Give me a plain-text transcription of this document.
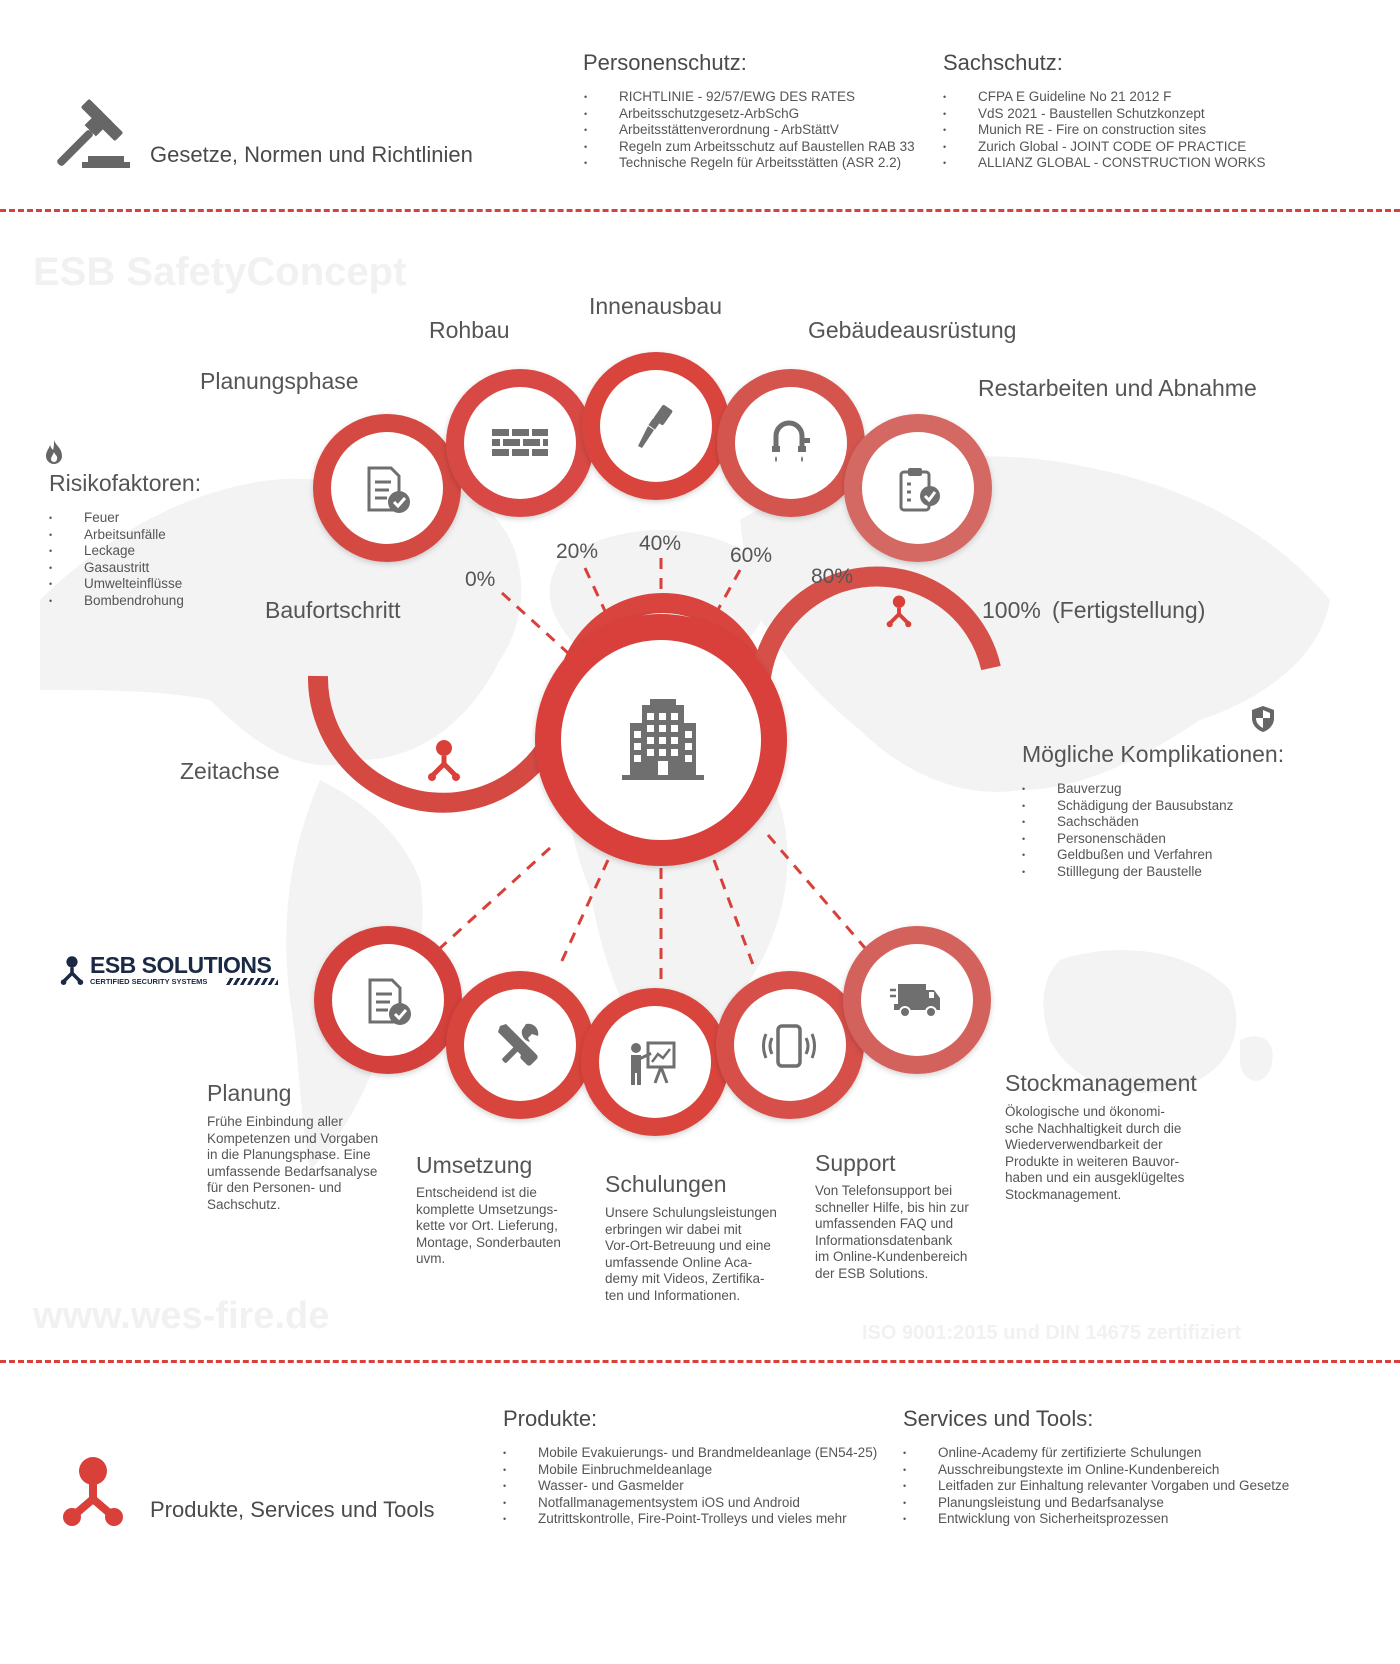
Gesetze, Normen und Richtlinien
Personenschutz:
• RICHTLINIE - 92/57/EWG DES RATES
• Arbeitsschutzgesetz-ArbSchG
• Arbeitsstättenverordnung - ArbStättV
• Regeln zum Arbeitsschutz auf Baustellen RAB 33
• Technische Regeln für Arbeitsstätten (ASR 2.2)
Sachschutz:
• CFPA E Guideline No 21 2012 F
• VdS 2021 - Baustellen Schutzkonzept
• Munich RE - Fire on construction sites
• Zurich Global - JOINT CODE OF PRACTICE
• ALLIANZ GLOBAL - CONSTRUCTION WORKS
ESB SafetyConcept
www.wes-fire.de	ISO 9001:2015 und DIN 14675 zertifiziert
Planungsphase
Rohbau
Innenausbau
Gebäudeausrüstung
Restarbeiten und Abnahme
0%
20% 40%
60%
80%
Baufortschritt	100% (Fertigstellung)
Zeitachse
Risikofaktoren:
• Feuer
• Arbeitsunfälle
• Leckage
• Gasaustritt
• Umwelteinflüsse
• Bombendrohung
Mögliche Komplikationen:
• Bauverzug
• Schädigung der Bausubstanz
• Sachschäden
• Personenschäden
• Geldbußen und Verfahren
• Stilllegung der Baustelle
ESB SOLUTIONS
CERTIFIED SECURITY SYSTEMS
Planung
Frühe Einbindung aller
Kompetenzen und Vorgaben
in die Planungsphase. Eine
umfassende Bedarfsanalyse
für den Personen- und
Sachschutz.
Umsetzung
Entscheidend ist die
komplette Umsetzungs-
kette vor Ort. Lieferung,
Montage, Sonderbauten
uvm.
Schulungen
Unsere Schulungsleistungen
erbringen wir dabei mit
Vor-Ort-Betreuung und eine
umfassende Online Aca-
demy mit Videos, Zertifika-
ten und Informationen.
Support
Von Telefonsupport bei
schneller Hilfe, bis hin zur
umfassenden FAQ und
Informationsdatenbank
im Online-Kundenbereich
der ESB Solutions.
Stockmanagement
Ökologische und ökonomi-
sche Nachhaltigkeit durch die
Wiederverwendbarkeit der
Produkte in weiteren Bauvor-
haben und ein ausgeklügeltes
Stockmanagement.
Produkte, Services und Tools
Produkte:
• Mobile Evakuierungs- und Brandmeldeanlage (EN54-25)
• Mobile Einbruchmeldeanlage
• Wasser- und Gasmelder
• Notfallmanagementsystem iOS und Android
• Zutrittskontrolle, Fire-Point-Trolleys und vieles mehr
Services und Tools:
• Online-Academy für zertifizierte Schulungen
• Ausschreibungstexte im Online-Kundenbereich
• Leitfaden zur Einhaltung relevanter Vorgaben und Gesetze
• Planungsleistung und Bedarfsanalyse
• Entwicklung von Sicherheitsprozessen
